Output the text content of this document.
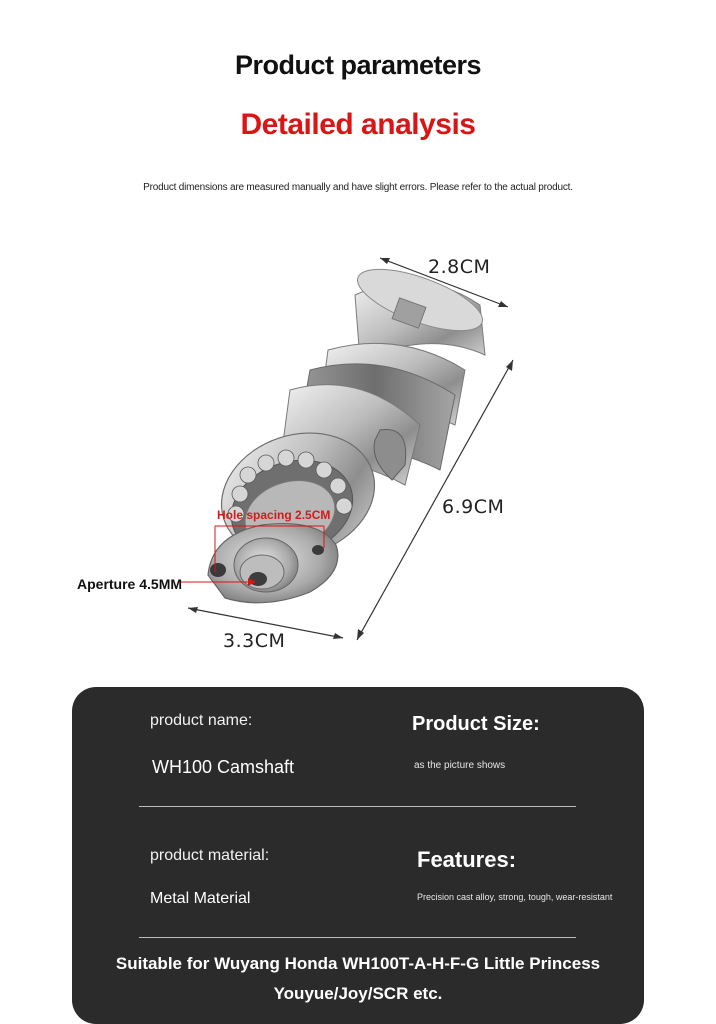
Product parameters
Detailed analysis
Product dimensions are measured manually and have slight errors. Please refer to the actual product.
2.8CM
6.9CM
3.3CM
Hole spacing 2.5CM
Aperture 4.5MM
product name:
WH100 Camshaft
Product Size:
as the picture shows
product material:
Metal Material
Features:
Precision cast alloy, strong, tough, wear-resistant
Suitable for Wuyang Honda WH100T-A-H-F-G Little Princess
Youyue/Joy/SCR etc.
